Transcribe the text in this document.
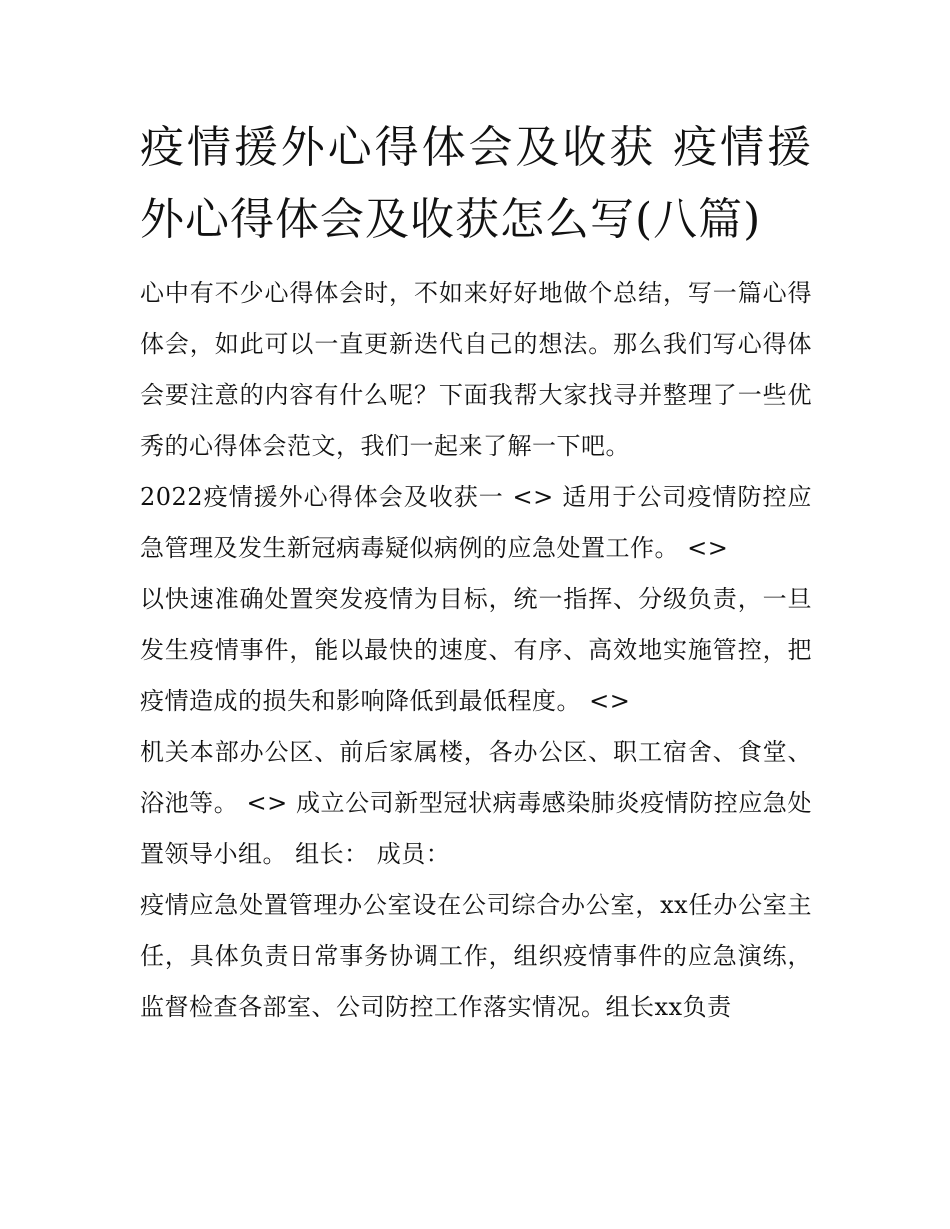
疫情援外心得体会及收获 疫情援外心得体会及收获怎么写(八篇)

心中有不少心得体会时，不如来好好地做个总结，写一篇心得体会，如此可以一直更新迭代自己的想法。那么我们写心得体会要注意的内容有什么呢？下面我帮大家找寻并整理了一些优秀的心得体会范文，我们一起来了解一下吧。

2022疫情援外心得体会及收获一 <> 适用于公司疫情防控应急管理及发生新冠病毒疑似病例的应急处置工作。 <>

以快速准确处置突发疫情为目标，统一指挥、分级负责，一旦发生疫情事件，能以最快的速度、有序、高效地实施管控，把疫情造成的损失和影响降低到最低程度。 <>

机关本部办公区、前后家属楼，各办公区、职工宿舍、食堂、浴池等。 <> 成立公司新型冠状病毒感染肺炎疫情防控应急处置领导小组。 组长： 成员：

疫情应急处置管理办公室设在公司综合办公室，xx任办公室主任，具体负责日常事务协调工作，组织疫情事件的应急演练，监督检查各部室、公司防控工作落实情况。组长xx负责
